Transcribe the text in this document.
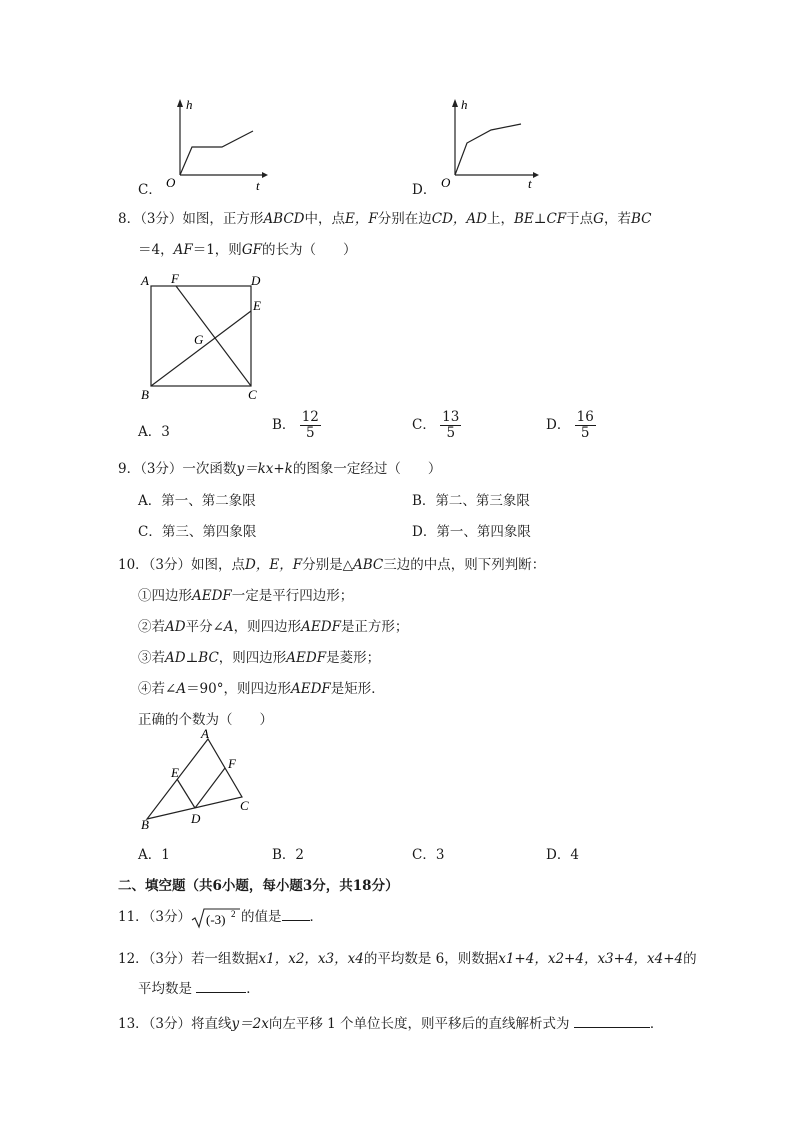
C．
h
t
O	D．
h
t
O
8．（3分）如图，正方形ABCD中，点E，F分别在边CD，AD上，BE⊥CF于点G，若BC
＝4，AF＝1，则GF的长为（　　）
A F	D
E
G
B	C
A．3	B． $\frac{12}{5}$	C． $\frac{13}{5}$	D． $\frac{16}{5}$
9．（3分）一次函数y＝kx+k的图象一定经过（　　）
A．第一、第二象限	B．第二、第三象限
C．第三、第四象限	D．第一、第四象限
10．（3分）如图，点D，E，F分别是△ABC三边的中点，则下列判断：
①四边形AEDF一定是平行四边形；
②若AD平分∠A，则四边形AEDF是正方形；
③若AD⊥BC，则四边形AEDF是菱形；
④若∠A＝90°，则四边形AEDF是矩形．
正确的个数为（　　）
A
E
F
C
B	D
A．1	B．2	C．3	D．4
二、填空题（共6小题，每小题3分，共18分）
11．（3分） (-3) 2 的值是 ．
12．（3分）若一组数据x1，x2，x3，x4的平均数是 6，则数据x1+4，x2+4，x3+4，x4+4的
平均数是	．
13．（3分）将直线y＝2x向左平移 1 个单位长度，则平移后的直线解析式为	．
